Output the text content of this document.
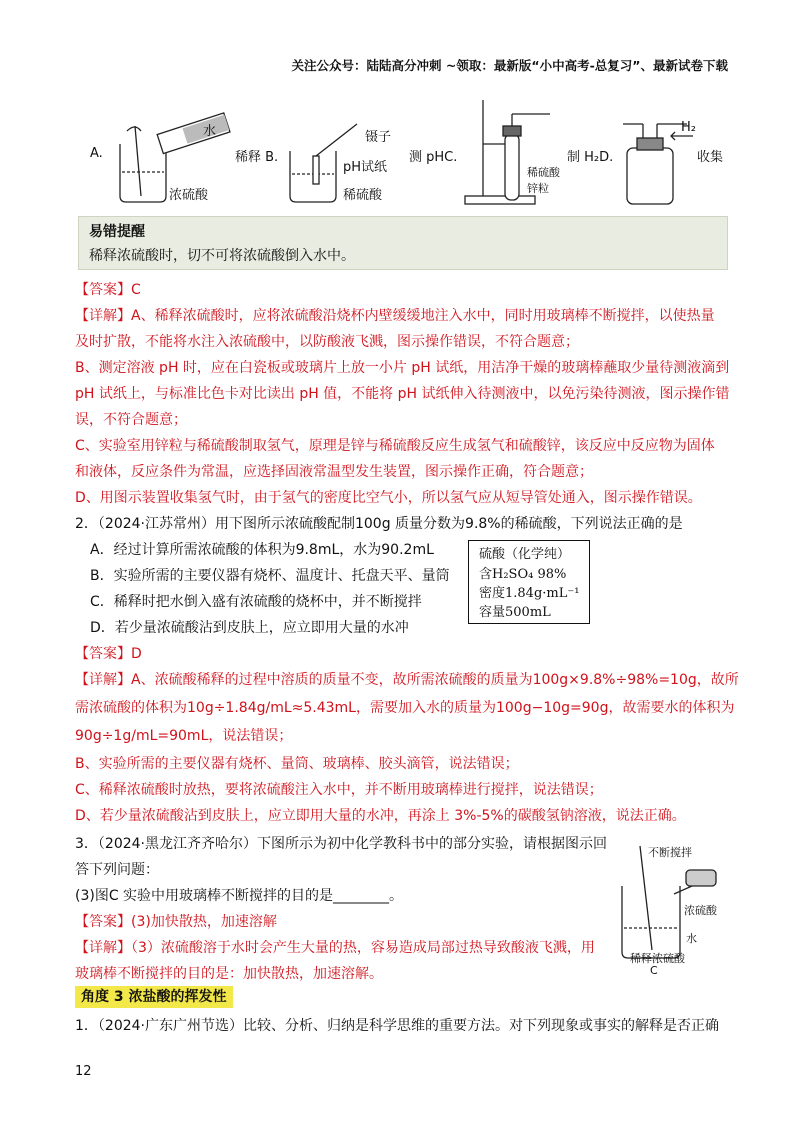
关注公众号：陆陆高分冲刺 ~领取：最新版“小中高考-总复习”、最新试卷下载
A.
水
浓硫酸
稀释 B.
镊子
pH试纸
稀硫酸
测 pHC.
稀硫酸
锌粒
制 H₂D.
H₂
收集
易错提醒
稀释浓硫酸时，切不可将浓硫酸倒入水中。
【答案】C
【详解】A、稀释浓硫酸时，应将浓硫酸沿烧杯内壁缓缓地注入水中，同时用玻璃棒不断搅拌，以使热量
及时扩散，不能将水注入浓硫酸中，以防酸液飞溅，图示操作错误，不符合题意；
B、测定溶液 pH 时，应在白瓷板或玻璃片上放一小片 pH 试纸，用洁净干燥的玻璃棒蘸取少量待测液滴到
pH 试纸上，与标准比色卡对比读出 pH 值，不能将 pH 试纸伸入待测液中，以免污染待测液，图示操作错
误，不符合题意；
C、实验室用锌粒与稀硫酸制取氢气，原理是锌与稀硫酸反应生成氢气和硫酸锌，该反应中反应物为固体
和液体，反应条件为常温，应选择固液常温型发生装置，图示操作正确，符合题意；
D、用图示装置收集氢气时，由于氢气的密度比空气小，所以氢气应从短导管处通入，图示操作错误。
2．（2024·江苏常州）用下图所示浓硫酸配制100g 质量分数为9.8%的稀硫酸，下列说法正确的是
A．经过计算所需浓硫酸的体积为9.8mL，水为90.2mL
B．实验所需的主要仪器有烧杯、温度计、托盘天平、量筒
C．稀释时把水倒入盛有浓硫酸的烧杯中，并不断搅拌
D．若少量浓硫酸沾到皮肤上，应立即用大量的水冲
硫酸（化学纯）
含H₂SO₄ 98%
密度1.84g·mL⁻¹
容量500mL
【答案】D
【详解】A、浓硫酸稀释的过程中溶质的质量不变，故所需浓硫酸的质量为100g×9.8%÷98%=10g，故所
需浓硫酸的体积为10g÷1.84g/mL≈5.43mL，需要加入水的质量为100g−10g=90g，故需要水的体积为
90g÷1g/mL=90mL，说法错误；
B、实验所需的主要仪器有烧杯、量筒、玻璃棒、胶头滴管，说法错误；
C、稀释浓硫酸时放热，要将浓硫酸注入水中，并不断用玻璃棒进行搅拌，说法错误；
D、若少量浓硫酸沾到皮肤上，应立即用大量的水冲，再涂上 3%-5%的碳酸氢钠溶液，说法正确。
3．（2024·黑龙江齐齐哈尔）下图所示为初中化学教科书中的部分实验，请根据图示回
答下列问题：
(3)图C 实验中用玻璃棒不断搅拌的目的是________。
【答案】(3)加快散热，加速溶解
【详解】（3）浓硫酸溶于水时会产生大量的热，容易造成局部过热导致酸液飞溅，用
玻璃棒不断搅拌的目的是：加快散热，加速溶解。
不断搅拌
浓硫酸
水
稀释浓硫酸
C
角度 3 浓盐酸的挥发性
1．（2024·广东广州节选）比较、分析、归纳是科学思维的重要方法。对下列现象或事实的解释是否正确
12
